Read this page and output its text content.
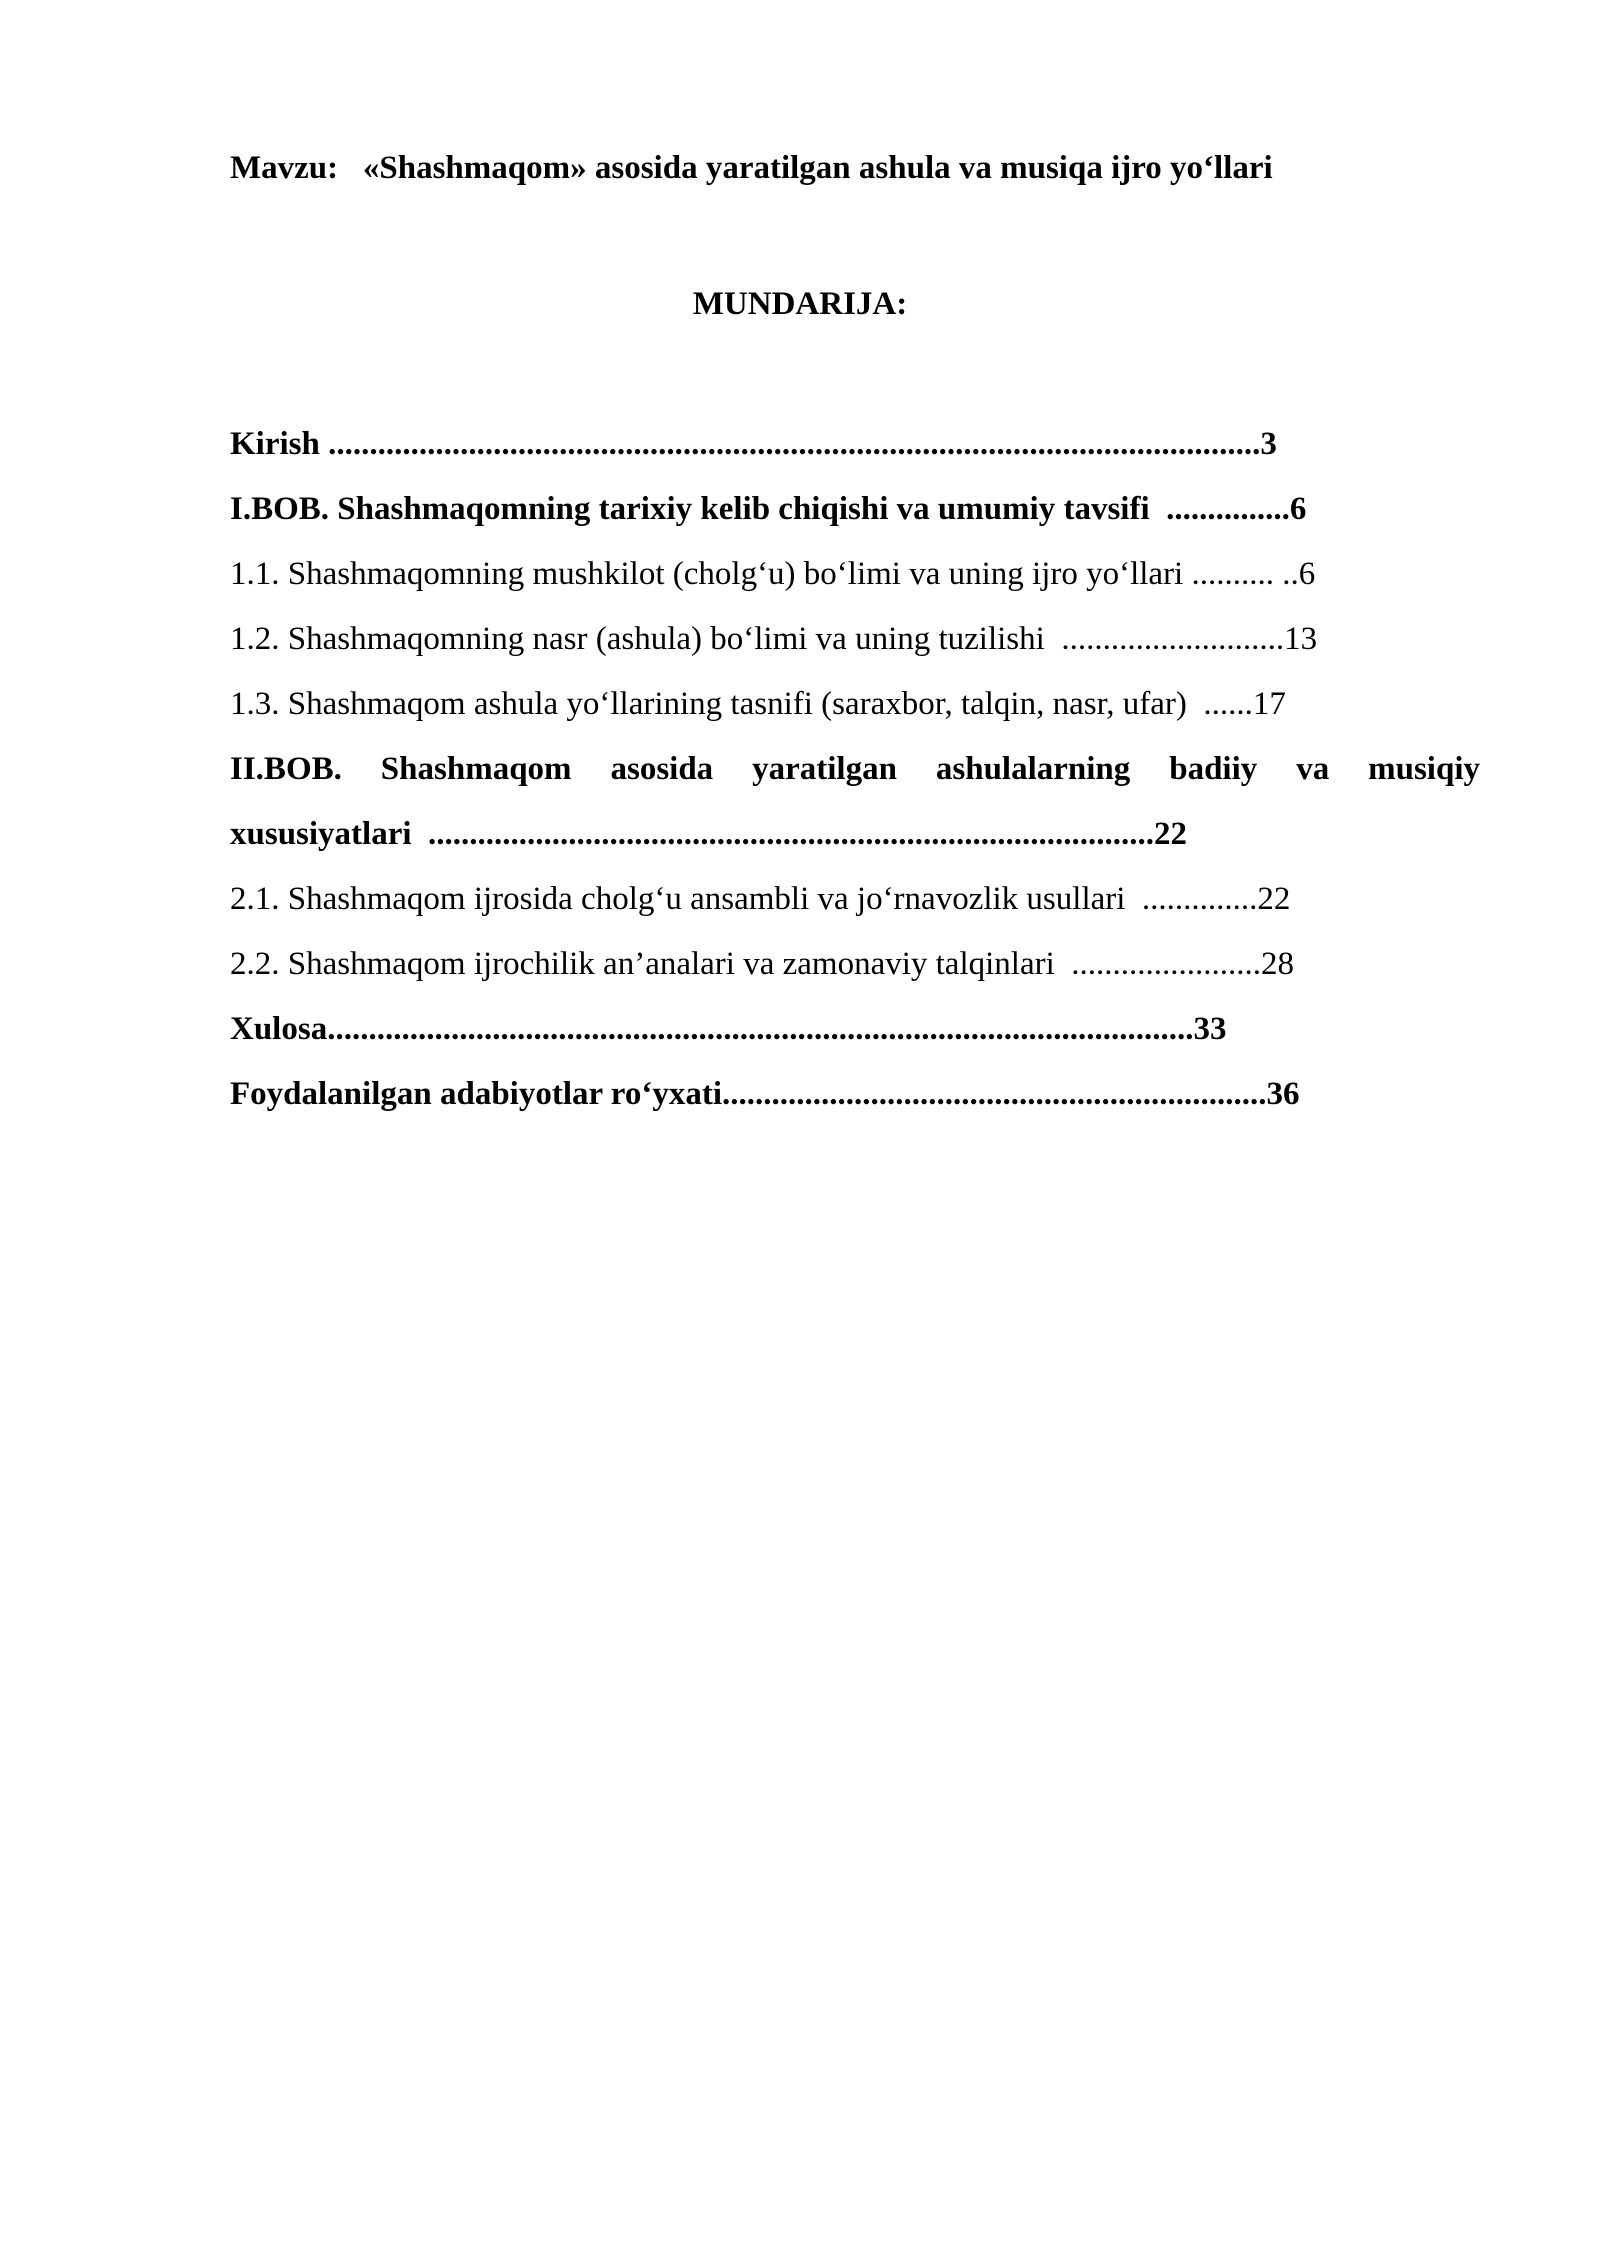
Mavzu:   «Shashmaqom» asosida yaratilgan ashula va musiqa ijro yo‘llari
MUNDARIJA:
Kirish .................................................................................................................3
I.BOB. Shashmaqomning tarixiy kelib chiqishi va umumiy tavsifi  ...............6
1.1. Shashmaqomning mushkilot (cholg‘u) bo‘limi va uning ijro yo‘llari .......... ..6
1.2. Shashmaqomning nasr (ashula) bo‘limi va uning tuzilishi  ...........................13
1.3. Shashmaqom ashula yo‘llarining tasnifi (saraxbor, talqin, nasr, ufar)  ......17
II.BOB. Shashmaqom asosida yaratilgan ashulalarning badiiy va musiqiy
xususiyatlari  ........................................................................................22
2.1. Shashmaqom ijrosida cholg‘u ansambli va jo‘rnavozlik usullari  ..............22
2.2. Shashmaqom ijrochilik an’analari va zamonaviy talqinlari  .......................28
Xulosa.........................................................................................................33
Foydalanilgan adabiyotlar ro‘yxati..................................................................36
